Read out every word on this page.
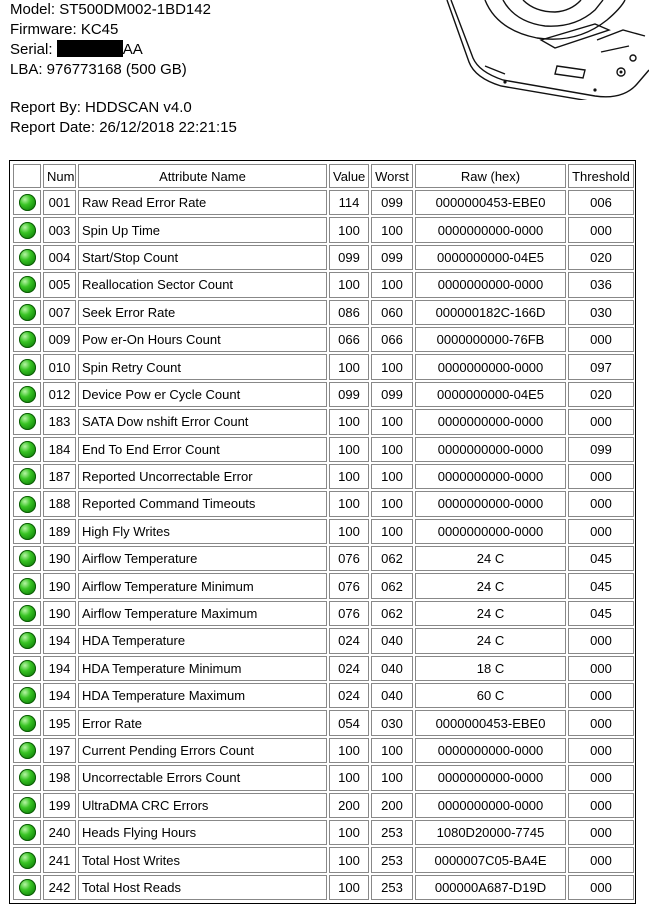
Model: ST500DM002-1BD142
Firmware: KC45
Serial:	AA
LBA: 976773168 (500 GB)
Report By: HDDSCAN v4.0
Report Date: 26/12/2018 22:21:15
	Num	Attribute Name	Value	Worst	Raw (hex)	Threshold
	001	Raw Read Error Rate	114	099	0000000453-EBE0	006
	003	Spin Up Time	100	100	0000000000-0000	000
	004	Start/Stop Count	099	099	0000000000-04E5	020
	005	Reallocation Sector Count	100	100	0000000000-0000	036
	007	Seek Error Rate	086	060	000000182C-166D	030
	009	Pow er-On Hours Count	066	066	0000000000-76FB	000
	010	Spin Retry Count	100	100	0000000000-0000	097
	012	Device Pow er Cycle Count	099	099	0000000000-04E5	020
	183	SATA Dow nshift Error Count	100	100	0000000000-0000	000
	184	End To End Error Count	100	100	0000000000-0000	099
	187	Reported Uncorrectable Error	100	100	0000000000-0000	000
	188	Reported Command Timeouts	100	100	0000000000-0000	000
	189	High Fly Writes	100	100	0000000000-0000	000
	190	Airflow Temperature	076	062	24 C	045
	190	Airflow Temperature Minimum	076	062	24 C	045
	190	Airflow Temperature Maximum	076	062	24 C	045
	194	HDA Temperature	024	040	24 C	000
	194	HDA Temperature Minimum	024	040	18 C	000
	194	HDA Temperature Maximum	024	040	60 C	000
	195	Error Rate	054	030	0000000453-EBE0	000
	197	Current Pending Errors Count	100	100	0000000000-0000	000
	198	Uncorrectable Errors Count	100	100	0000000000-0000	000
	199	UltraDMA CRC Errors	200	200	0000000000-0000	000
	240	Heads Flying Hours	100	253	1080D20000-7745	000
	241	Total Host Writes	100	253	0000007C05-BA4E	000
	242	Total Host Reads	100	253	000000A687-D19D	000
